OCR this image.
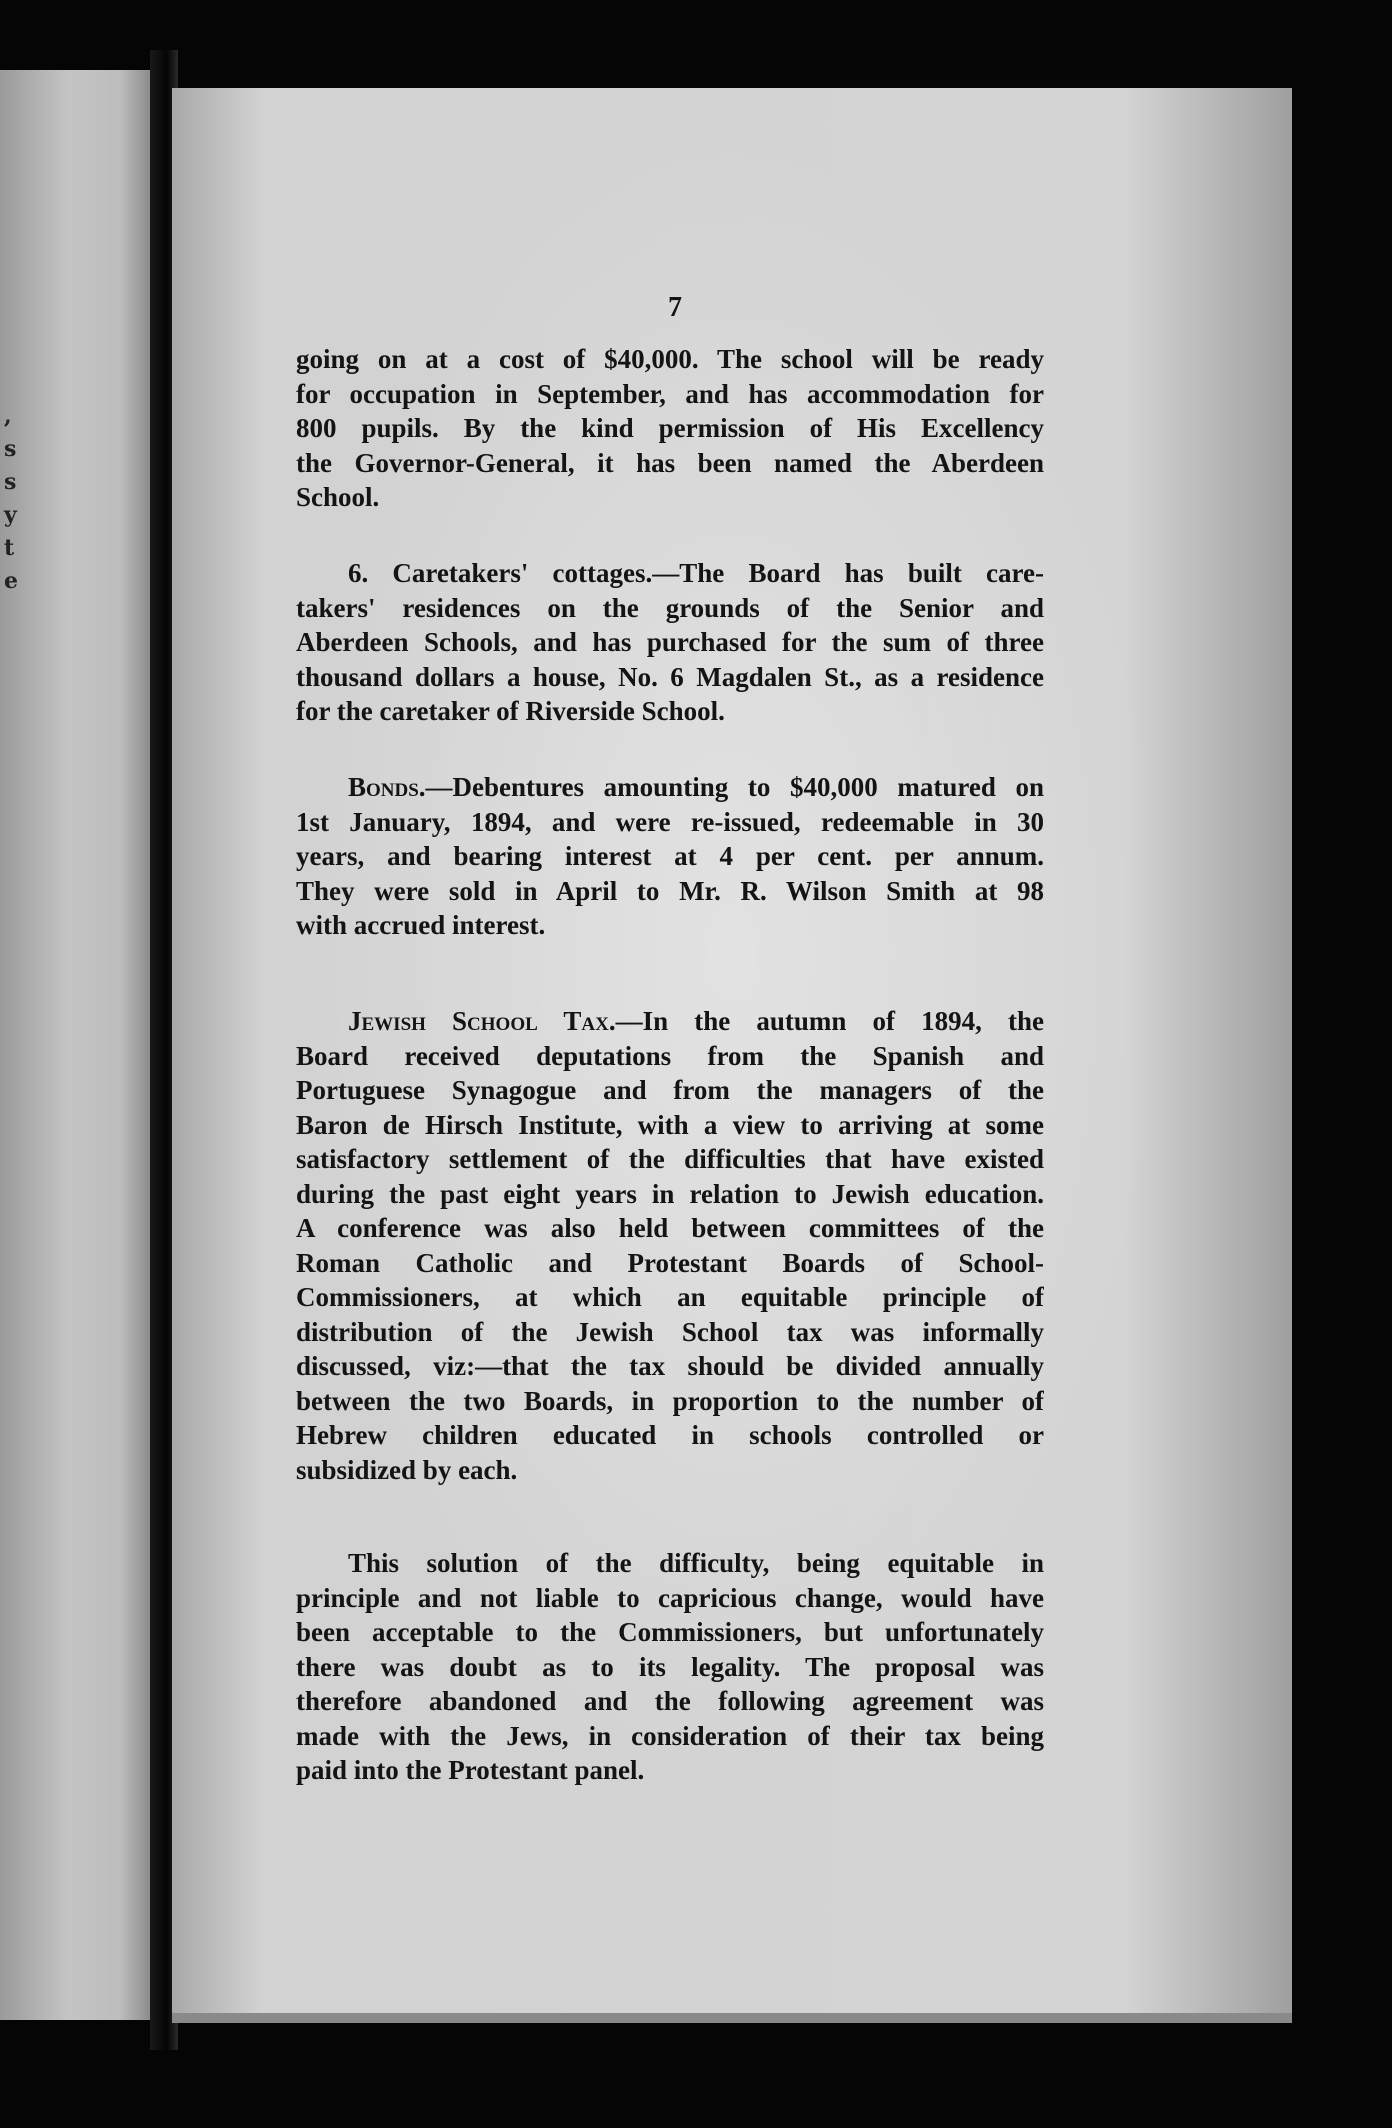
,
s
s
y
t
e
7
going on at a cost of $40,000. The school will be ready
for occupation in September, and has accommodation for
800 pupils. By the kind permission of His Excellency
the Governor-General, it has been named the Aberdeen
School.
6. Caretakers' cottages.—The Board has built care-
takers' residences on the grounds of the Senior and
Aberdeen Schools, and has purchased for the sum of three
thousand dollars a house, No. 6 Magdalen St., as a residence
for the caretaker of Riverside School.
Bonds.—Debentures amounting to $40,000 matured on
1st January, 1894, and were re-issued, redeemable in 30
years, and bearing interest at 4 per cent. per annum.
They were sold in April to Mr. R. Wilson Smith at 98
with accrued interest.
Jewish School Tax.—In the autumn of 1894, the
Board received deputations from the Spanish and
Portuguese Synagogue and from the managers of the
Baron de Hirsch Institute, with a view to arriving at some
satisfactory settlement of the difficulties that have existed
during the past eight years in relation to Jewish education.
A conference was also held between committees of the
Roman Catholic and Protestant Boards of School-
Commissioners, at which an equitable principle of
distribution of the Jewish School tax was informally
discussed, viz:—that the tax should be divided annually
between the two Boards, in proportion to the number of
Hebrew children educated in schools controlled or
subsidized by each.
This solution of the difficulty, being equitable in
principle and not liable to capricious change, would have
been acceptable to the Commissioners, but unfortunately
there was doubt as to its legality. The proposal was
therefore abandoned and the following agreement was
made with the Jews, in consideration of their tax being
paid into the Protestant panel.
